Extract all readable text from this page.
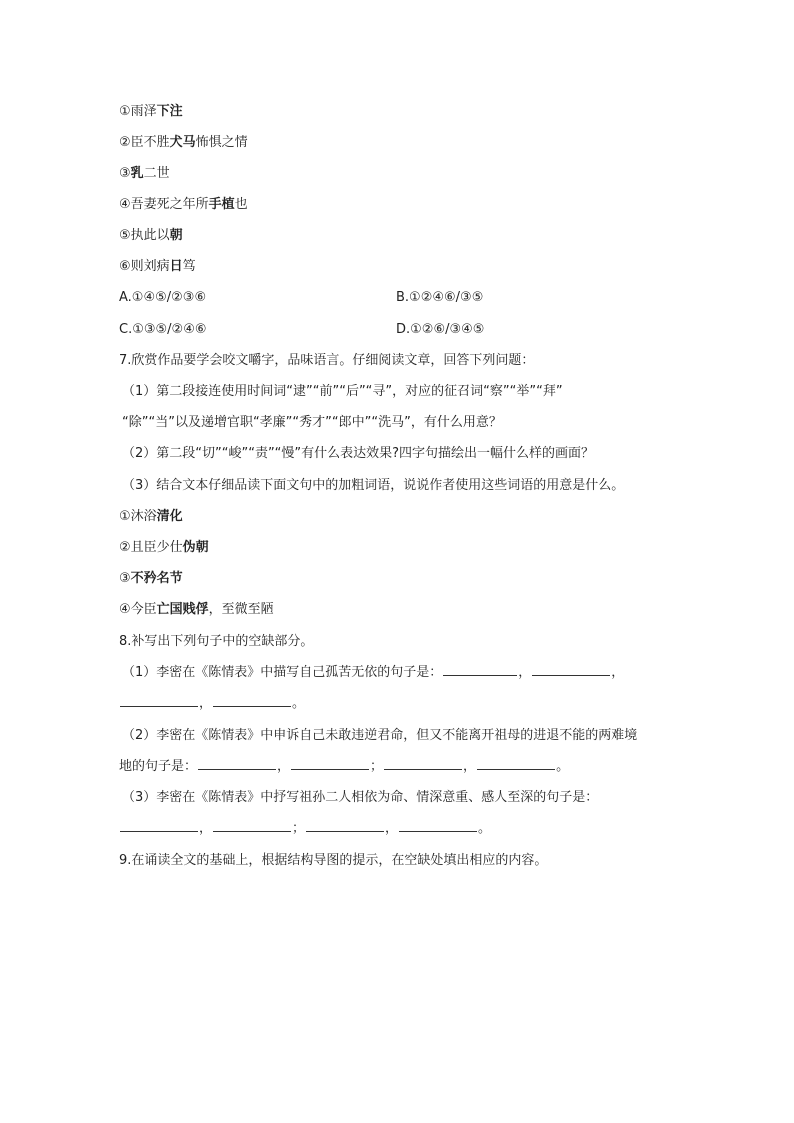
①雨泽下注
②臣不胜犬马怖惧之情
③乳二世
④吾妻死之年所手植也
⑤执此以朝
⑥则刘病日笃
A.①④⑤/②③⑥	B.①②④⑥/③⑤
C.①③⑤/②④⑥	D.①②⑥/③④⑤
7.欣赏作品要学会咬文嚼字，品味语言。仔细阅读文章，回答下列问题：
（1）第二段接连使用时间词“逮”“前”“后”“寻”，对应的征召词“察”“举”“拜”
“除”“当”以及递增官职“孝廉”“秀才”“郎中”“洗马”，有什么用意？
（2）第二段“切”“峻”“责”“慢”有什么表达效果?四字句描绘出一幅什么样的画面？
（3）结合文本仔细品读下面文句中的加粗词语，说说作者使用这些词语的用意是什么。
①沐浴清化
②且臣少仕伪朝
③不矜名节
④今臣亡国贱俘，至微至陋
8.补写出下列句子中的空缺部分。
（1）李密在《陈情表》中描写自己孤苦无依的句子是：	，	，
，	。
（2）李密在《陈情表》中申诉自己未敢违逆君命，但又不能离开祖母的进退不能的两难境
地的句子是：	，	；	，	。
（3）李密在《陈情表》中抒写祖孙二人相依为命、情深意重、感人至深的句子是：
，	；	，	。
9.在诵读全文的基础上，根据结构导图的提示，在空缺处填出相应的内容。
